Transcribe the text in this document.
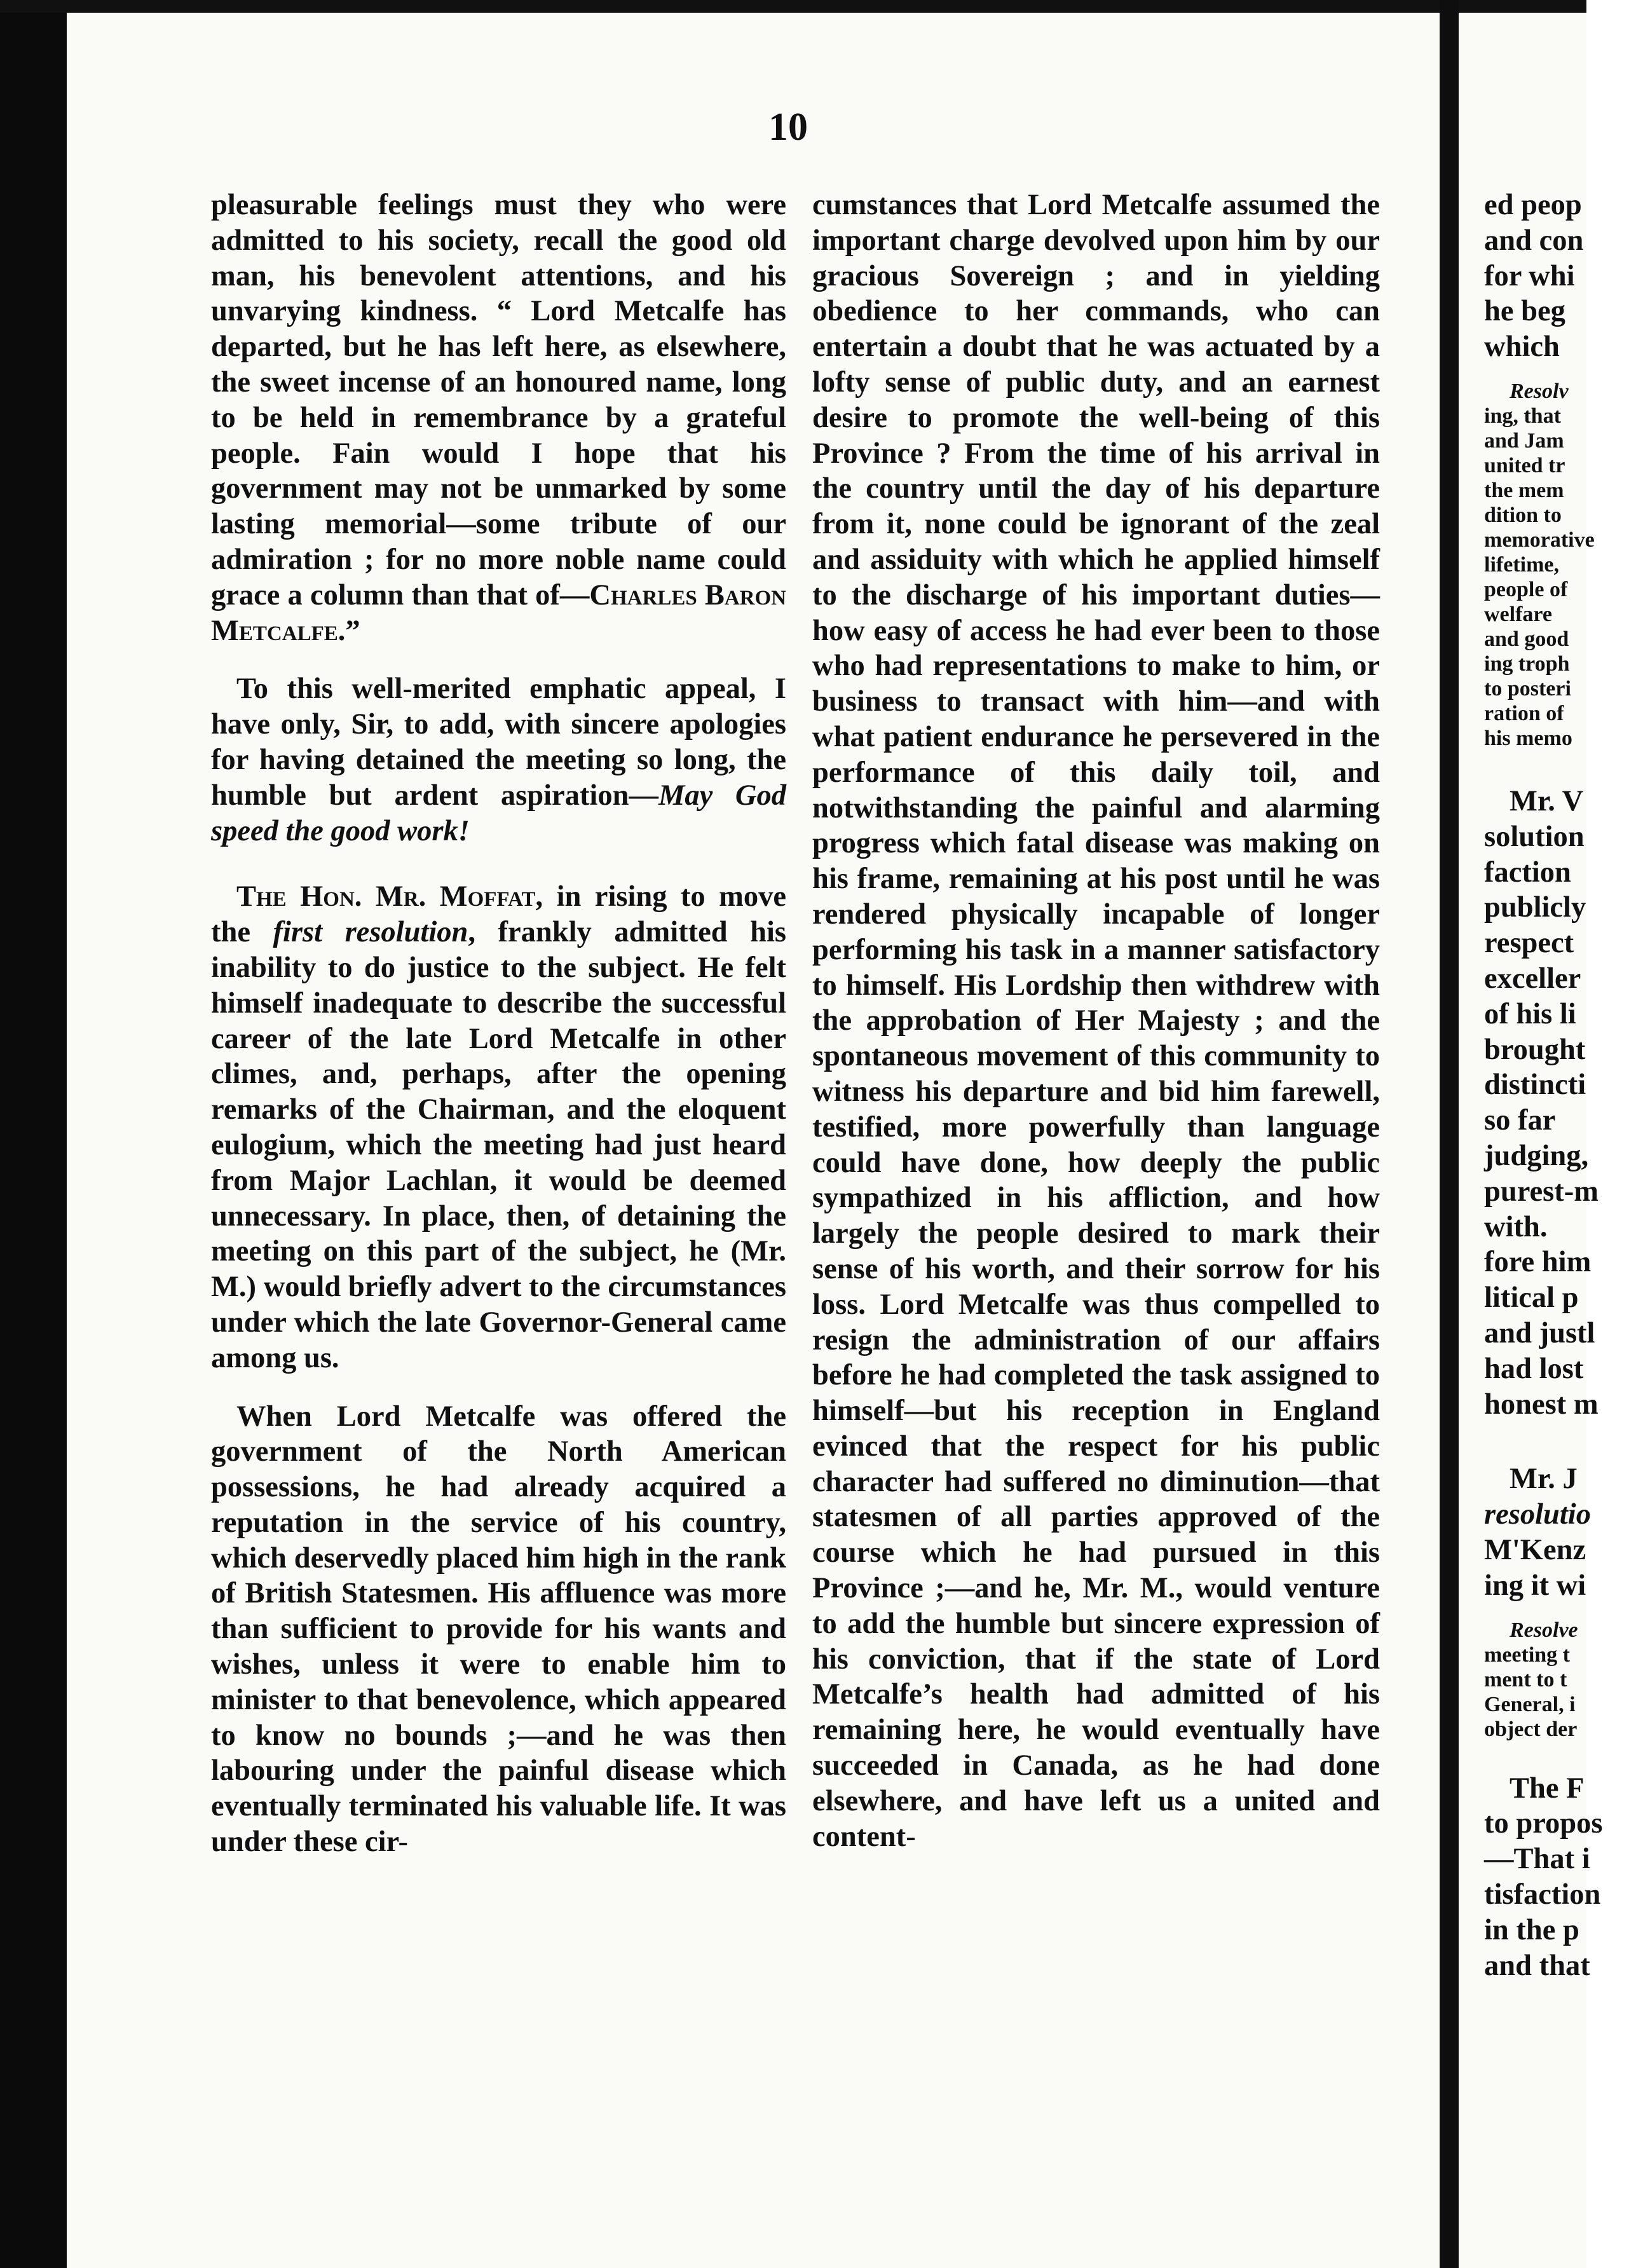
10

pleasurable feelings must they who were admitted to his society, recall the good old man, his benevolent attentions, and his unvarying kindness. “ Lord Metcalfe has departed, but he has left here, as elsewhere, the sweet incense of an honoured name, long to be held in remembrance by a grateful people. Fain would I hope that his government may not be unmarked by some lasting memorial—some tribute of our admiration ; for no more noble name could grace a column than that of—Charles Baron Metcalfe.”

To this well-merited emphatic appeal, I have only, Sir, to add, with sincere apologies for having detained the meeting so long, the humble but ardent aspiration—May God speed the good work!

The Hon. Mr. Moffat, in rising to move the first resolution, frankly admitted his inability to do justice to the subject. He felt himself inadequate to describe the successful career of the late Lord Metcalfe in other climes, and, perhaps, after the opening remarks of the Chairman, and the eloquent eulogium, which the meeting had just heard from Major Lachlan, it would be deemed unnecessary. In place, then, of detaining the meeting on this part of the subject, he (Mr. M.) would briefly advert to the circumstances under which the late Governor-General came among us.

When Lord Metcalfe was offered the government of the North American possessions, he had already acquired a reputation in the service of his country, which deservedly placed him high in the rank of British Statesmen. His affluence was more than sufficient to provide for his wants and wishes, unless it were to enable him to minister to that benevolence, which appeared to know no bounds ;—and he was then labouring under the painful disease which eventually terminated his valuable life. It was under these cir-

cumstances that Lord Metcalfe assumed the important charge devolved upon him by our gracious Sovereign ; and in yielding obedience to her commands, who can entertain a doubt that he was actuated by a lofty sense of public duty, and an earnest desire to promote the well-being of this Province ? From the time of his arrival in the country until the day of his departure from it, none could be ignorant of the zeal and assiduity with which he applied himself to the discharge of his important duties—how easy of access he had ever been to those who had representations to make to him, or business to transact with him—and with what patient endurance he persevered in the performance of this daily toil, and notwithstanding the painful and alarming progress which fatal disease was making on his frame, remaining at his post until he was rendered physically incapable of longer performing his task in a manner satisfactory to himself. His Lordship then withdrew with the approbation of Her Majesty ; and the spontaneous movement of this community to witness his departure and bid him farewell, testified, more powerfully than language could have done, how deeply the public sympathized in his affliction, and how largely the people desired to mark their sense of his worth, and their sorrow for his loss. Lord Metcalfe was thus compelled to resign the administration of our affairs before he had completed the task assigned to himself—but his reception in England evinced that the respect for his public character had suffered no diminution—that statesmen of all parties approved of the course which he had pursued in this Province ;—and he, Mr. M., would venture to add the humble but sincere expression of his conviction, that if the state of Lord Metcalfe’s health had admitted of his remaining here, he would eventually have succeeded in Canada, as he had done elsewhere, and have left us a united and content-

ed peop
and con
for whi
he beg
which
Resolv
ing, that
and Jam
united tr
the mem
dition to
memorative
lifetime,
people of
welfare
and good
ing troph
to posteri
ration of
his memo
Mr. V
solution
faction
publicly
respect
exceller
of his li
brought
distincti
so far
judging,
purest-m
with.
fore him
litical p
and justl
had lost
honest m
Mr. J
resolutio
M'Kenz
ing it wi
Resolve
meeting t
ment to t
General, i
object der
The F
to propos
—That i
tisfaction
in the p
and that
